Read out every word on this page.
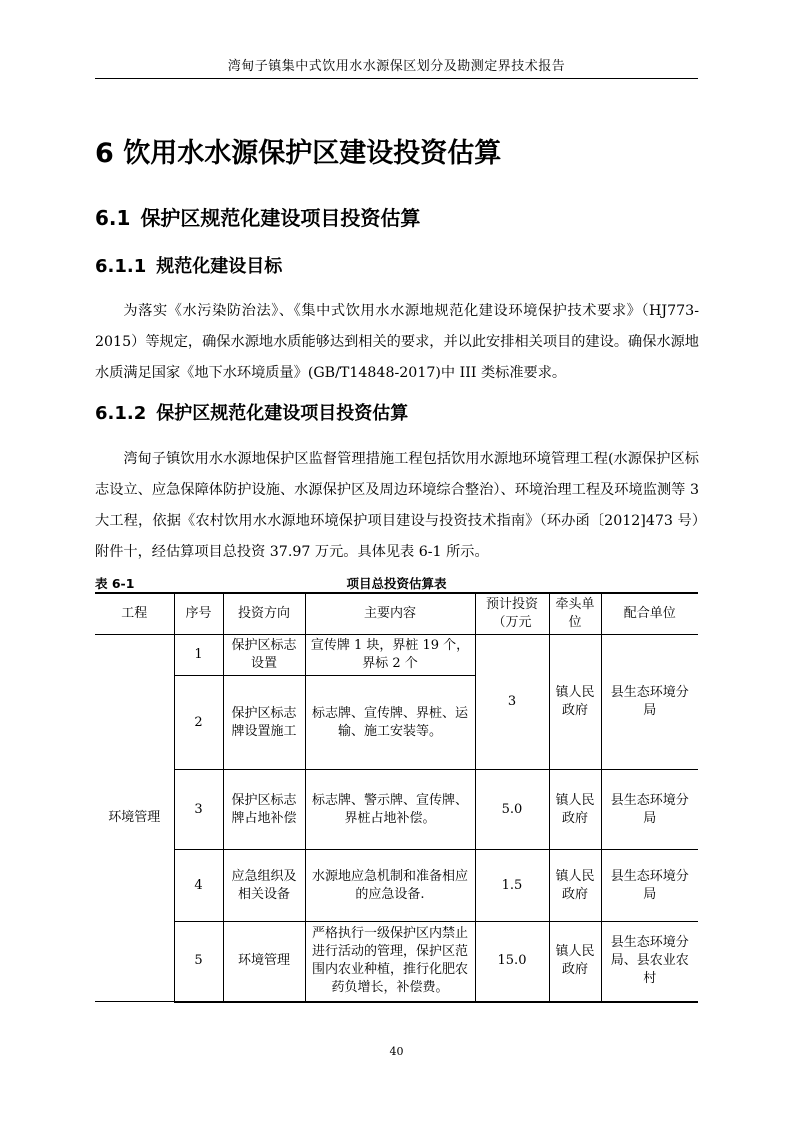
湾甸子镇集中式饮用水水源保区划分及勘测定界技术报告
6 饮用水水源保护区建设投资估算
6.1 保护区规范化建设项目投资估算
6.1.1 规范化建设目标
为落实《水污染防治法》、《集中式饮用水水源地规范化建设环境保护技术要求》（HJ773-2015）等规定，确保水源地水质能够达到相关的要求，并以此安排相关项目的建设。确保水源地水质满足国家《地下水环境质量》(GB/T14848-2017)中 III 类标准要求。
6.1.2 保护区规范化建设项目投资估算
湾甸子镇饮用水水源地保护区监督管理措施工程包括饮用水源地环境管理工程(水源保护区标志设立、应急保障体防护设施、水源保护区及周边环境综合整治）、环境治理工程及环境监测等 3 大工程，依据《农村饮用水水源地环境保护项目建设与投资技术指南》（环办函〔2012]473 号）附件十，经估算项目总投资 37.97 万元。具体见表 6-1 所示。
表 6-1	项目总投资估算表
工程	序号	投资方向	主要内容	预计投资（万元	牵头单位	配合单位
环境管理	1	保护区标志设置	宣传牌 1 块，界桩 19 个，界标 2 个	3	镇人民政府	县生态环境分局
	2	保护区标志牌设置施工	标志牌、宣传牌、界桩、运输、施工安装等。			
	3	保护区标志牌占地补偿	标志牌、警示牌、宣传牌、界桩占地补偿。	5.0	镇人民政府	县生态环境分局
	4	应急组织及相关设备	水源地应急机制和准备相应的应急设备.	1.5	镇人民政府	县生态环境分局
	5	环境管理	严格执行一级保护区内禁止进行活动的管理，保护区范围内农业种植，推行化肥农药负增长，补偿费。	15.0	镇人民政府	县生态环境分局、县农业农村
40
